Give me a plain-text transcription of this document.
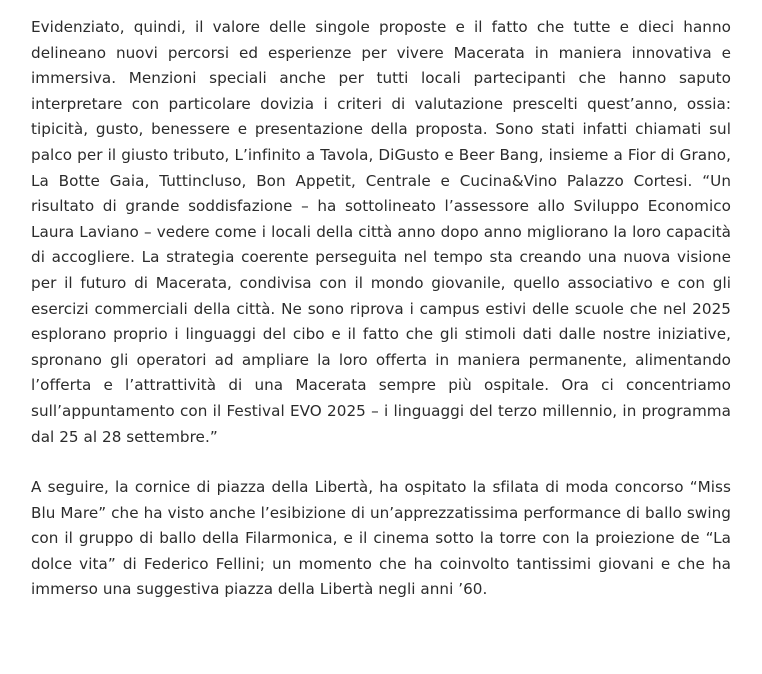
Evidenziato, quindi, il valore delle singole proposte e il fatto che tutte e dieci hanno delineano nuovi percorsi ed esperienze per vivere Macerata in maniera innovativa e immersiva. Menzioni speciali anche per tutti locali partecipanti che hanno saputo interpretare con particolare dovizia i criteri di valutazione prescelti quest’anno, ossia: tipicità, gusto, benessere e presentazione della proposta. Sono stati infatti chiamati sul palco per il giusto tributo, L’infinito a Tavola, DiGusto e Beer Bang, insieme a Fior di Grano, La Botte Gaia, Tuttincluso, Bon Appetit, Centrale e Cucina&Vino Palazzo Cortesi. “Un risultato di grande soddisfazione – ha sottolineato l’assessore allo Sviluppo Economico Laura Laviano – vedere come i locali della città anno dopo anno migliorano la loro capacità di accogliere. La strategia coerente perseguita nel tempo sta creando una nuova visione per il futuro di Macerata, condivisa con il mondo giovanile, quello associativo e con gli esercizi commerciali della città. Ne sono riprova i campus estivi delle scuole che nel 2025 esplorano proprio i linguaggi del cibo e il fatto che gli stimoli dati dalle nostre iniziative, spronano gli operatori ad ampliare la loro offerta in maniera permanente, alimentando l’offerta e l’attrattività di una Macerata sempre più ospitale. Ora ci concentriamo sull’appuntamento con il Festival EVO 2025 – i linguaggi del terzo millennio, in programma dal 25 al 28 settembre.”

A seguire, la cornice di piazza della Libertà, ha ospitato la sfilata di moda concorso “Miss Blu Mare” che ha visto anche l’esibizione di un’apprezzatissima performance di ballo swing con il gruppo di ballo della Filarmonica, e il cinema sotto la torre con la proiezione de “La dolce vita” di Federico Fellini; un momento che ha coinvolto tantissimi giovani e che ha immerso una suggestiva piazza della Libertà negli anni ’60.
